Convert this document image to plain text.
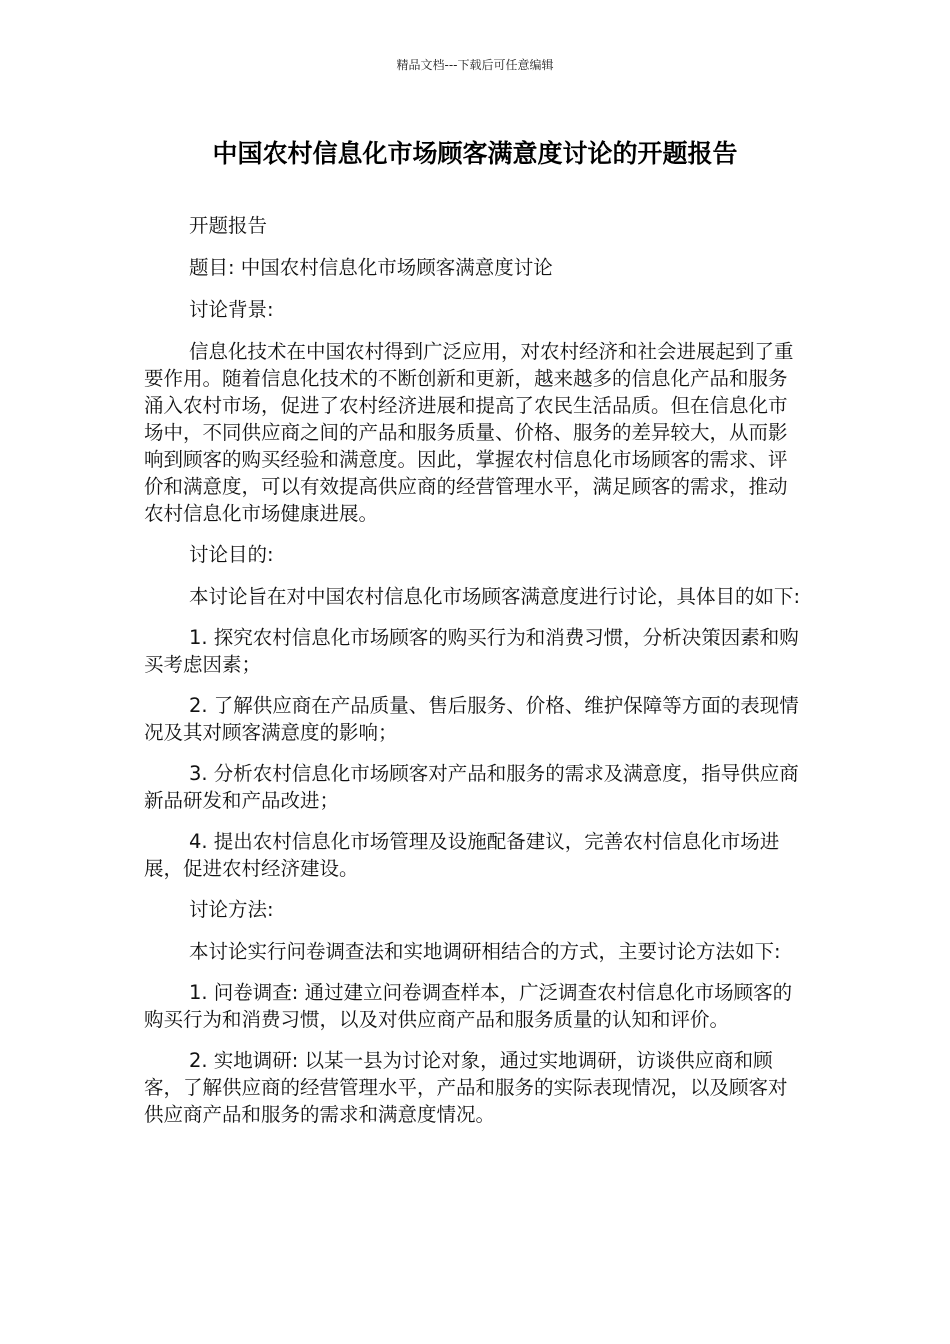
精品文档---下载后可任意编辑
中国农村信息化市场顾客满意度讨论的开题报告

开题报告

题目: 中国农村信息化市场顾客满意度讨论

讨论背景:

信息化技术在中国农村得到广泛应用，对农村经济和社会进展起到了重要作用。随着信息化技术的不断创新和更新，越来越多的信息化产品和服务涌入农村市场，促进了农村经济进展和提高了农民生活品质。但在信息化市场中，不同供应商之间的产品和服务质量、价格、服务的差异较大，从而影响到顾客的购买经验和满意度。因此，掌握农村信息化市场顾客的需求、评价和满意度，可以有效提高供应商的经营管理水平，满足顾客的需求，推动农村信息化市场健康进展。

讨论目的:

本讨论旨在对中国农村信息化市场顾客满意度进行讨论，具体目的如下:

1. 探究农村信息化市场顾客的购买行为和消费习惯，分析决策因素和购买考虑因素；

2. 了解供应商在产品质量、售后服务、价格、维护保障等方面的表现情况及其对顾客满意度的影响；

3. 分析农村信息化市场顾客对产品和服务的需求及满意度，指导供应商新品研发和产品改进；

4. 提出农村信息化市场管理及设施配备建议，完善农村信息化市场进展，促进农村经济建设。

讨论方法:

本讨论实行问卷调查法和实地调研相结合的方式，主要讨论方法如下:

1. 问卷调查: 通过建立问卷调查样本，广泛调查农村信息化市场顾客的购买行为和消费习惯，以及对供应商产品和服务质量的认知和评价。

2. 实地调研: 以某一县为讨论对象，通过实地调研，访谈供应商和顾客，了解供应商的经营管理水平，产品和服务的实际表现情况，以及顾客对供应商产品和服务的需求和满意度情况。
